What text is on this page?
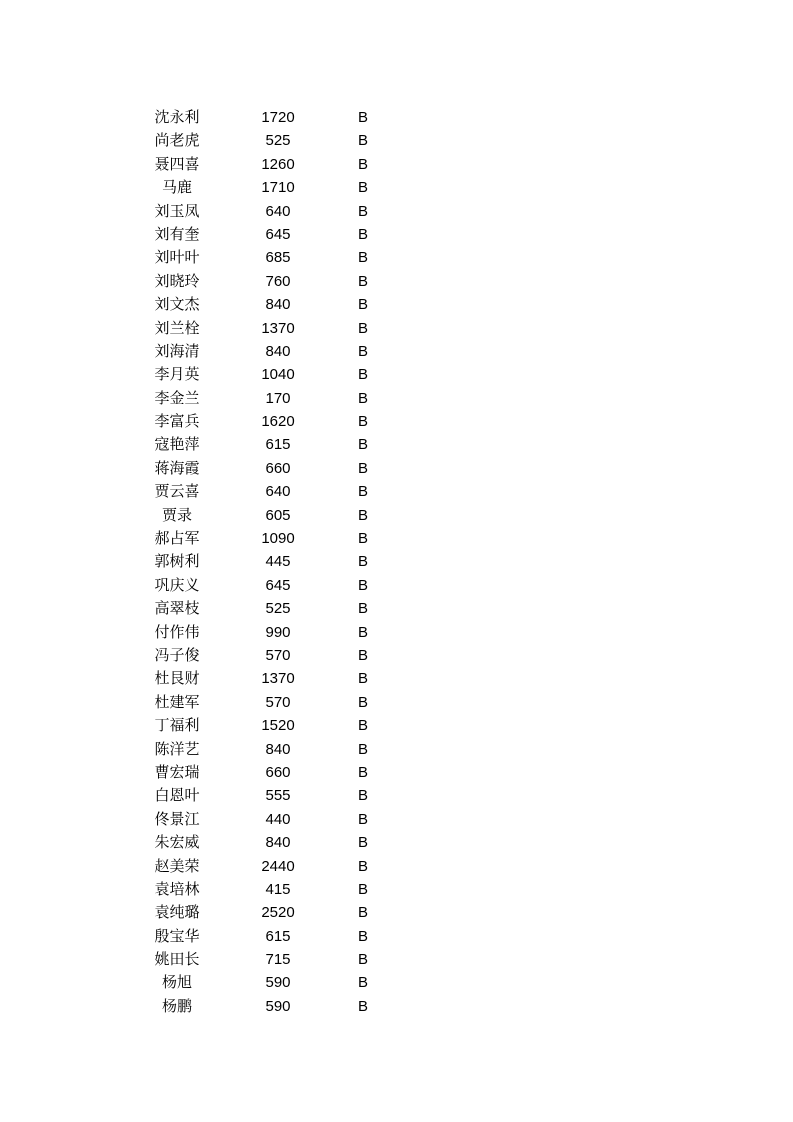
沈永利	1720	B
尚老虎	525	B
聂四喜	1260	B
马鹿	1710	B
刘玉凤	640	B
刘有奎	645	B
刘叶叶	685	B
刘晓玲	760	B
刘文杰	840	B
刘兰栓	1370	B
刘海清	840	B
李月英	1040	B
李金兰	170	B
李富兵	1620	B
寇艳萍	615	B
蒋海霞	660	B
贾云喜	640	B
贾录	605	B
郝占军	1090	B
郭树利	445	B
巩庆义	645	B
高翠枝	525	B
付作伟	990	B
冯子俊	570	B
杜艮财	1370	B
杜建军	570	B
丁福利	1520	B
陈洋艺	840	B
曹宏瑞	660	B
白恩叶	555	B
佟景江	440	B
朱宏威	840	B
赵美荣	2440	B
袁培林	415	B
袁纯璐	2520	B
殷宝华	615	B
姚田长	715	B
杨旭	590	B
杨鹏	590	B
